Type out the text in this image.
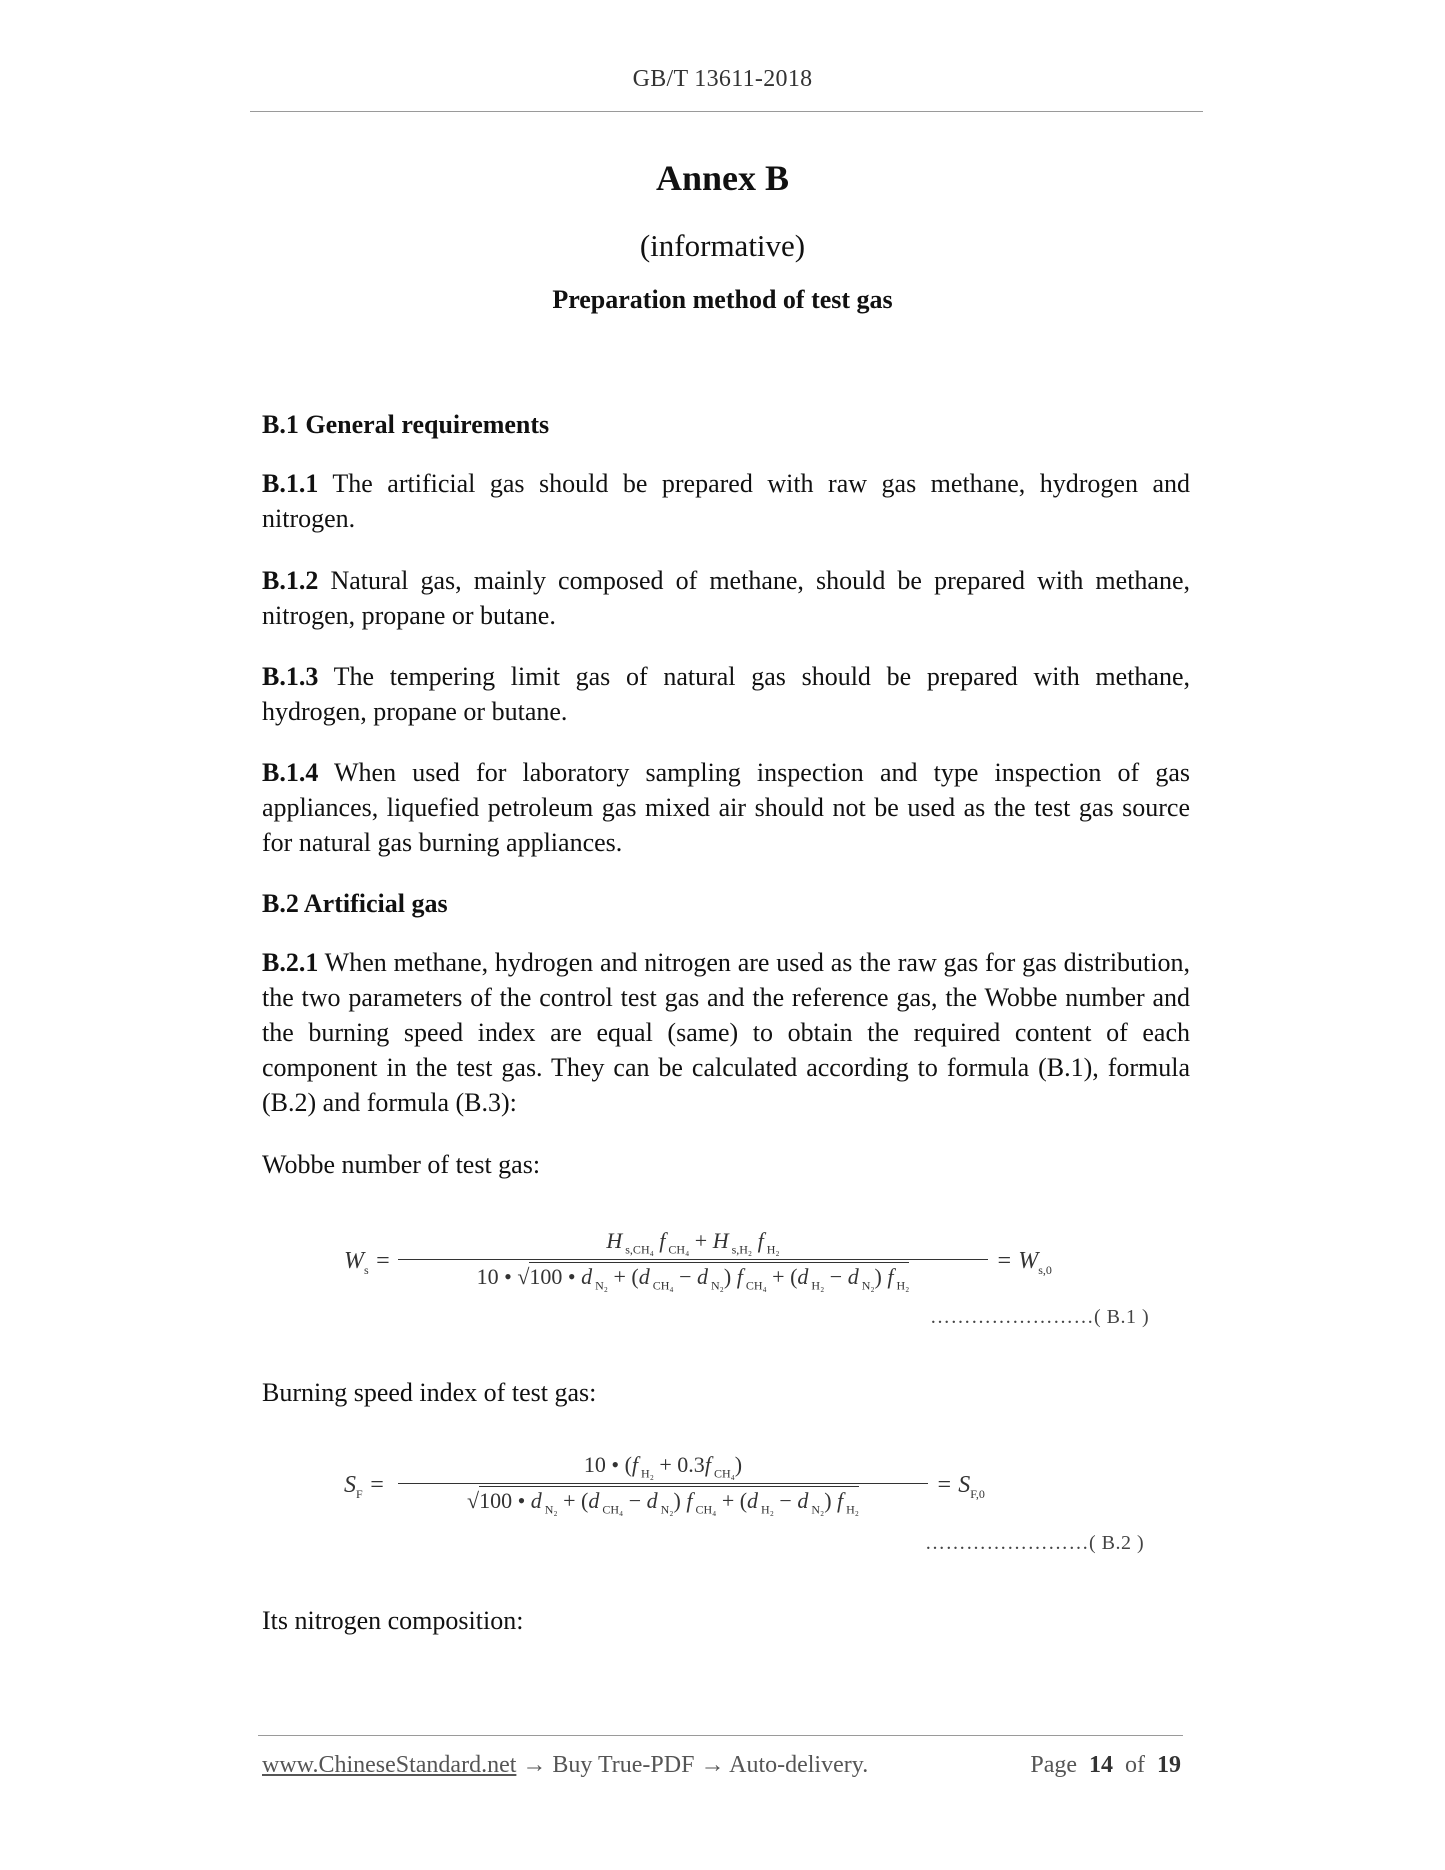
GB/T 13611-2018
Annex B
(informative)
Preparation method of test gas
B.1 General requirements
B.1.1 The artificial gas should be prepared with raw gas methane, hydrogen and nitrogen.
B.1.2 Natural gas, mainly composed of methane, should be prepared with methane, nitrogen, propane or butane.
B.1.3 The tempering limit gas of natural gas should be prepared with methane, hydrogen, propane or butane.
B.1.4 When used for laboratory sampling inspection and type inspection of gas appliances, liquefied petroleum gas mixed air should not be used as the test gas source for natural gas burning appliances.
B.2 Artificial gas
B.2.1 When methane, hydrogen and nitrogen are used as the raw gas for gas distribution, the two parameters of the control test gas and the reference gas, the Wobbe number and the burning speed index are equal (same) to obtain the required content of each component in the test gas. They can be calculated according to formula (B.1), formula (B.2) and formula (B.3):
Wobbe number of test gas:
$W_s$ =
H $_{s,CH_4}$ f $_{CH_4}$ + H $_{s,H_2}$ f $_{H_2}$
10 • √100 • d $_{N_2}$ + (d $_{CH_4}$ − d $_{N_2}$) f $_{CH_4}$ + (d $_{H_2}$ − d $_{N_2}$) f $_{H_2}$
= $W_{s,0}$
……………………( B.1 )
Burning speed index of test gas:
$S_F$ =
10 • (f $_{H_2}$ + 0.3f $_{CH_4}$)
√100 • d $_{N_2}$ + (d $_{CH_4}$ − d $_{N_2}$) f $_{CH_4}$ + (d $_{H_2}$ − d $_{N_2}$) f $_{H_2}$
= $S_{F,0}$
……………………( B.2 )
Its nitrogen composition:
www.ChineseStandard.net → Buy True-PDF → Auto-delivery.	Page 14 of 19
